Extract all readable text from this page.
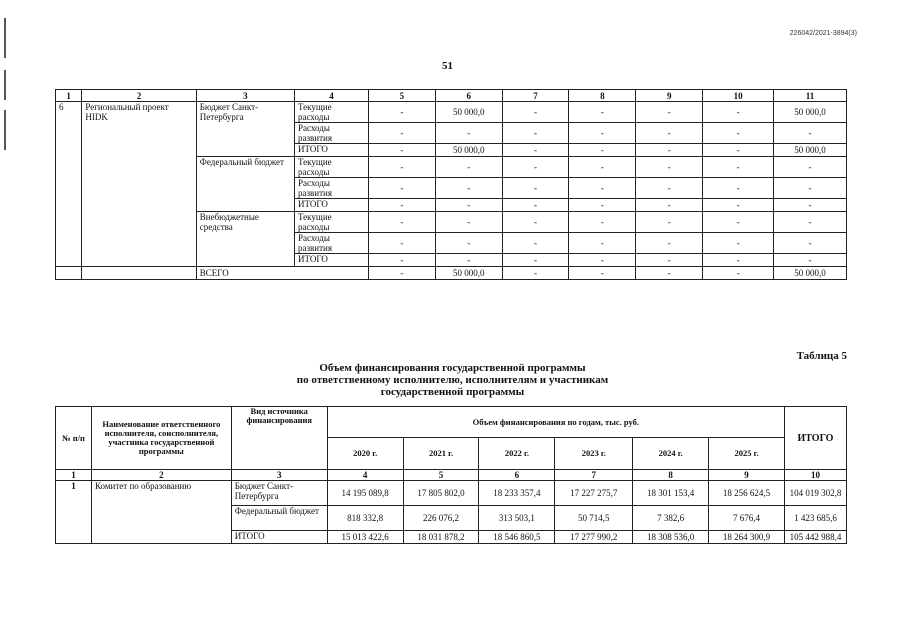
226042/2021-3894(3)
51
1	2	3	4	5	6	7	8	9	10	11
6	Региональный проект HIDK	Бюджет Санкт-Петербурга	Текущие расходы	-	50 000,0	-	-	-	-	50 000,0
			Расходы развития	-	-	-	-	-	-	-
			ИТОГО	-	50 000,0	-	-	-	-	50 000,0
		Федеральный бюджет	Текущие расходы	-	-	-	-	-	-	-
			Расходы развития	-	-	-	-	-	-	-
			ИТОГО	-	-	-	-	-	-	-
		Внебюджетные средства	Текущие расходы	-	-	-	-	-	-	-
			Расходы развития	-	-	-	-	-	-	-
			ИТОГО	-	-	-	-	-	-	-
		ВСЕГО		-	50 000,0	-	-	-	-	50 000,0
Таблица 5
Объем финансирования государственной программы
по ответственному исполнителю, исполнителям и участникам
государственной программы
№ п/п	Наименование ответственного исполнителя, соисполнителя, участника государственной программы	Вид источника финансирования	Объем финансирования по годам, тыс. руб.						ИТОГО
			2020 г.	2021 г.	2022 г.	2023 г.	2024 г.	2025 г.	
1	2	3	4	5	6	7	8	9	10
1	Комитет по образованию	Бюджет Санкт-Петербурга	14 195 089,8	17 805 802,0	18 233 357,4	17 227 275,7	18 301 153,4	18 256 624,5	104 019 302,8
		Федеральный бюджет	818 332,8	226 076,2	313 503,1	50 714,5	7 382,6	7 676,4	1 423 685,6
		ИТОГО	15 013 422,6	18 031 878,2	18 546 860,5	17 277 990,2	18 308 536,0	18 264 300,9	105 442 988,4
